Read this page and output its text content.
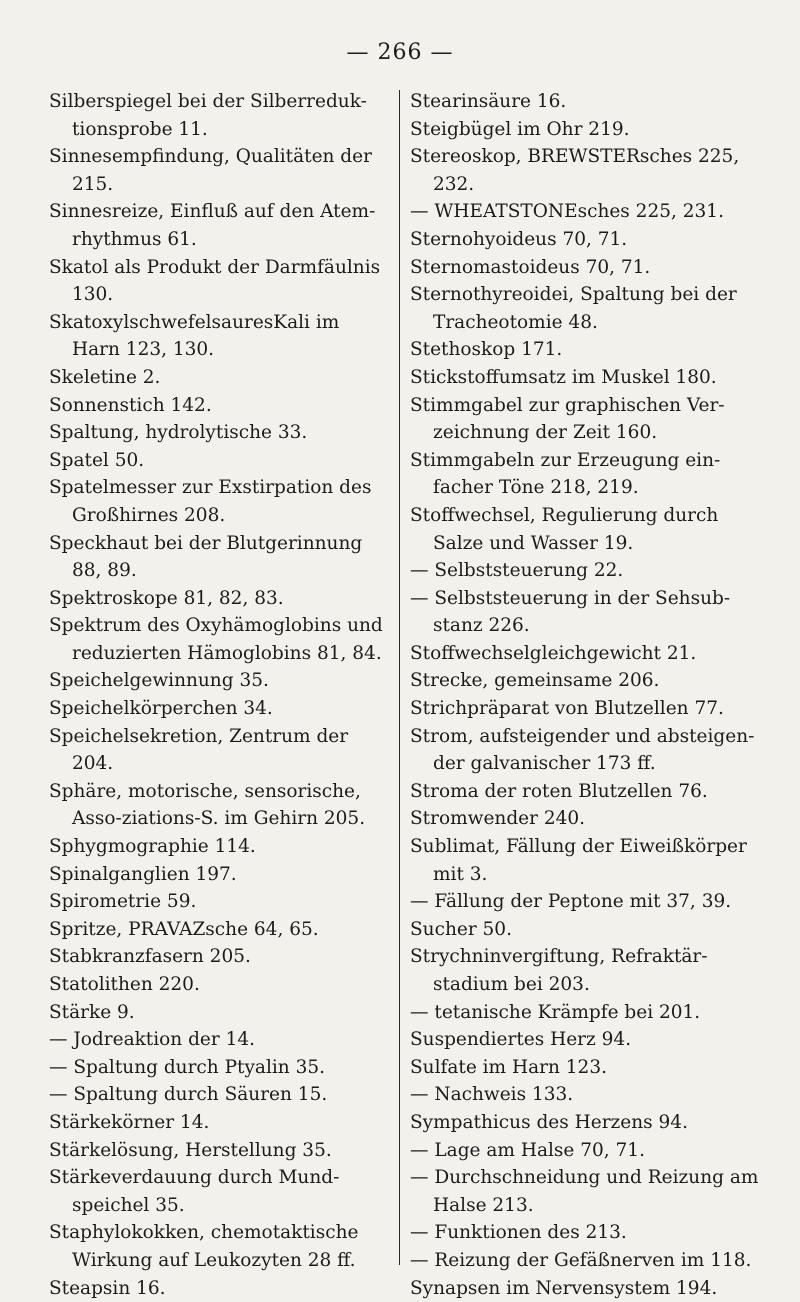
— 266 —
Silberspiegel bei der Silberreduk-tionsprobe 11.
Sinnesempfindung, Qualitäten der 215.
Sinnesreize, Einfluß auf den Atem-rhythmus 61.
Skatol als Produkt der Darmfäulnis 130.
SkatoxylschwefelsauresKali im Harn 123, 130.
Skeletine 2.
Sonnenstich 142.
Spaltung, hydrolytische 33.
Spatel 50.
Spatelmesser zur Exstirpation des Großhirnes 208.
Speckhaut bei der Blutgerinnung 88, 89.
Spektroskope 81, 82, 83.
Spektrum des Oxyhämoglobins und reduzierten Hämoglobins 81, 84.
Speichelgewinnung 35.
Speichelkörperchen 34.
Speichelsekretion, Zentrum der 204.
Sphäre, motorische, sensorische, Asso-ziations-S. im Gehirn 205.
Sphygmographie 114.
Spinalganglien 197.
Spirometrie 59.
Spritze, PRAVAZsche 64, 65.
Stabkranzfasern 205.
Statolithen 220.
Stärke 9.
— Jodreaktion der 14.
— Spaltung durch Ptyalin 35.
— Spaltung durch Säuren 15.
Stärkekörner 14.
Stärkelösung, Herstellung 35.
Stärkeverdauung durch Mund-speichel 35.
Staphylokokken, chemotaktische Wirkung auf Leukozyten 28 ff.
Steapsin 16.
Stearinsäure 16.
Steigbügel im Ohr 219.
Stereoskop, BREWSTERsches 225, 232.
— WHEATSTONEsches 225, 231.
Sternohyoideus 70, 71.
Sternomastoideus 70, 71.
Sternothyreoidei, Spaltung bei der Tracheotomie 48.
Stethoskop 171.
Stickstoffumsatz im Muskel 180.
Stimmgabel zur graphischen Ver-zeichnung der Zeit 160.
Stimmgabeln zur Erzeugung ein-facher Töne 218, 219.
Stoffwechsel, Regulierung durch Salze und Wasser 19.
— Selbststeuerung 22.
— Selbststeuerung in der Sehsub-stanz 226.
Stoffwechselgleichgewicht 21.
Strecke, gemeinsame 206.
Strichpräparat von Blutzellen 77.
Strom, aufsteigender und absteigen-der galvanischer 173 ff.
Stroma der roten Blutzellen 76.
Stromwender 240.
Sublimat, Fällung der Eiweißkörper mit 3.
— Fällung der Peptone mit 37, 39.
Sucher 50.
Strychninvergiftung, Refraktär-stadium bei 203.
— tetanische Krämpfe bei 201.
Suspendiertes Herz 94.
Sulfate im Harn 123.
— Nachweis 133.
Sympathicus des Herzens 94.
— Lage am Halse 70, 71.
— Durchschneidung und Reizung am Halse 213.
— Funktionen des 213.
— Reizung der Gefäßnerven im 118.
Synapsen im Nervensystem 194.
